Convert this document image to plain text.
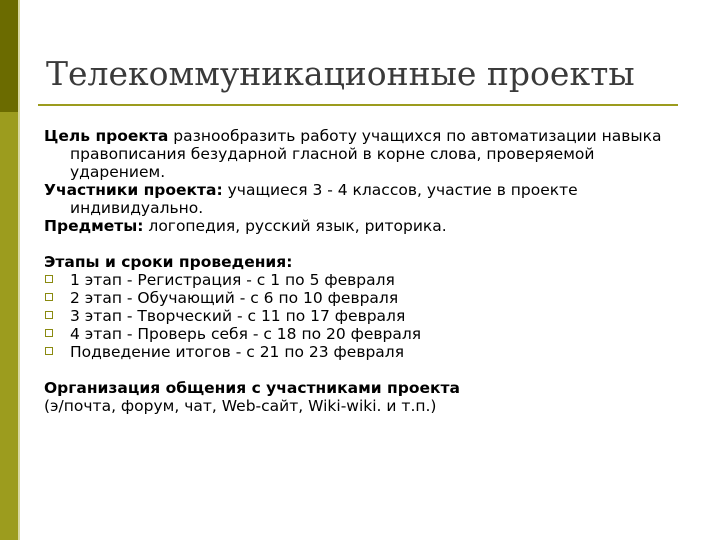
Телекоммуникационные проекты

Цель проекта разнообразить работу учащихся по автоматизации навыка правописания безударной гласной в корне слова, проверяемой ударением.

Участники проекта: учащиеся 3 - 4 классов, участие в проекте индивидуально.

Предметы: логопедия, русский язык, риторика.

Этапы и сроки проведения:

1 этап - Регистрация - с 1 по 5 февраля
2 этап - Обучающий - с 6 по 10 февраля
3 этап - Творческий - с 11 по 17 февраля
4 этап - Проверь себя - с 18 по 20 февраля
Подведение итогов - с 21 по 23 февраля

Организация общения с участниками проекта

(э/почта, форум, чат, Web-сайт, Wiki-wiki. и т.п.)
